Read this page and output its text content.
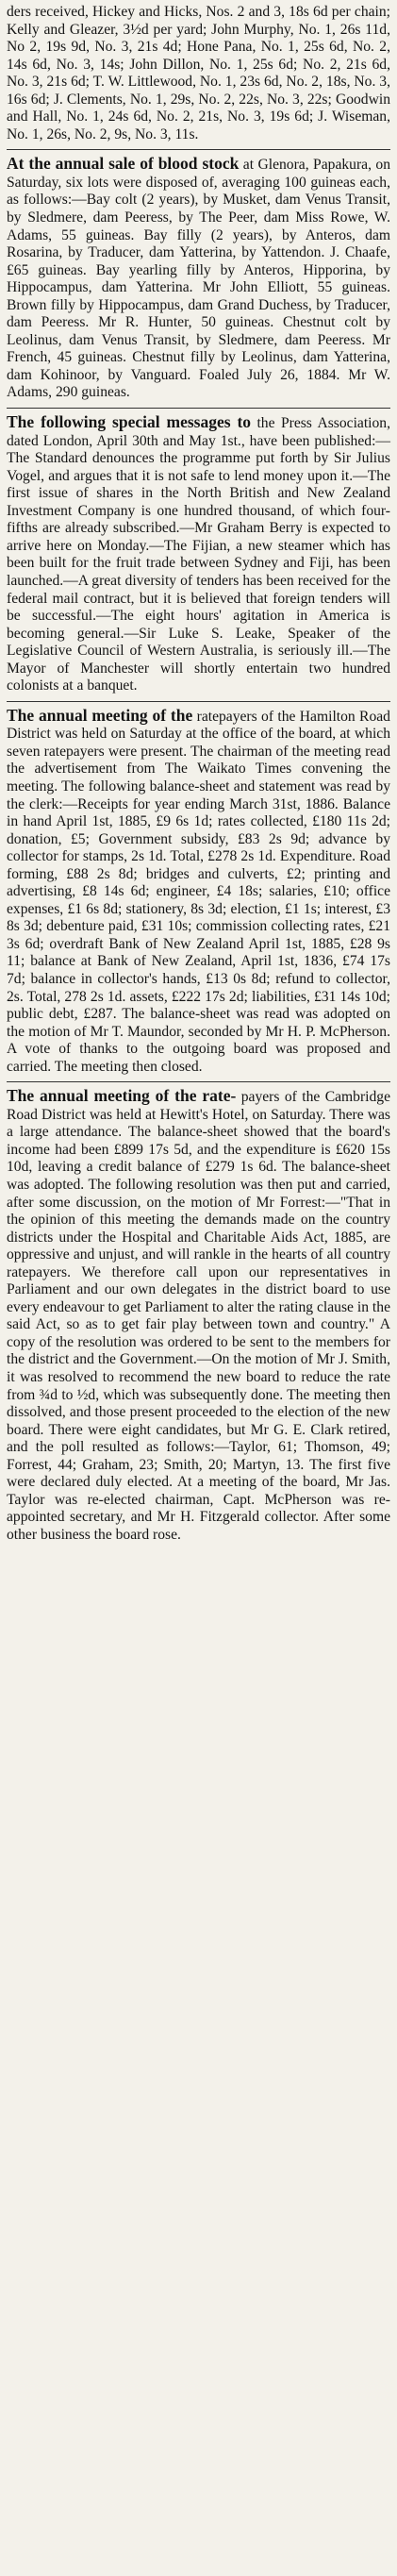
ders received, Hickey and Hicks, Nos. 2 and 3, 18s 6d per chain; Kelly and Gleazer, 3½d per yard; John Murphy, No. 1, 26s 11d, No 2, 19s 9d, No. 3, 21s 4d; Hone Pana, No. 1, 25s 6d, No. 2, 14s 6d, No. 3, 14s; John Dillon, No. 1, 25s 6d; No. 2, 21s 6d, No. 3, 21s 6d; T. W. Littlewood, No. 1, 23s 6d, No. 2, 18s, No. 3, 16s 6d; J. Clements, No. 1, 29s, No. 2, 22s, No. 3, 22s; Goodwin and Hall, No. 1, 24s 6d, No. 2, 21s, No. 3, 19s 6d; J. Wiseman, No. 1, 26s, No. 2, 9s, No. 3, 11s.

At the annual sale of blood stock at Glenora, Papakura, on Saturday, six lots were disposed of, averaging 100 guineas each, as follows:—Bay colt (2 years), by Musket, dam Venus Transit, by Sledmere, dam Peeress, by The Peer, dam Miss Rowe, W. Adams, 55 guineas. Bay filly (2 years), by Anteros, dam Rosarina, by Traducer, dam Yatterina, by Yattendon. J. Chaafe, £65 guineas. Bay yearling filly by Anteros, Hipporina, by Hippocampus, dam Yatterina. Mr John Elliott, 55 guineas. Brown filly by Hippocampus, dam Grand Duchess, by Traducer, dam Peeress. Mr R. Hunter, 50 guineas. Chestnut colt by Leolinus, dam Venus Transit, by Sledmere, dam Peeress. Mr French, 45 guineas. Chestnut filly by Leolinus, dam Yatterina, dam Kohinoor, by Vanguard. Foaled July 26, 1884. Mr W. Adams, 290 guineas.

The following special messages to the Press Association, dated London, April 30th and May 1st., have been published:—The Standard denounces the programme put forth by Sir Julius Vogel, and argues that it is not safe to lend money upon it.—The first issue of shares in the North British and New Zealand Investment Company is one hundred thousand, of which four-fifths are already subscribed.—Mr Graham Berry is expected to arrive here on Monday.—The Fijian, a new steamer which has been built for the fruit trade between Sydney and Fiji, has been launched.—A great diversity of tenders has been received for the federal mail contract, but it is believed that foreign tenders will be successful.—The eight hours' agitation in America is becoming general.—Sir Luke S. Leake, Speaker of the Legislative Council of Western Australia, is seriously ill.—The Mayor of Manchester will shortly entertain two hundred colonists at a banquet.

The annual meeting of the ratepayers of the Hamilton Road District was held on Saturday at the office of the board, at which seven ratepayers were present. The chairman of the meeting read the advertisement from The Waikato Times convening the meeting. The following balance-sheet and statement was read by the clerk:—Receipts for year ending March 31st, 1886. Balance in hand April 1st, 1885, £9 6s 1d; rates collected, £180 11s 2d; donation, £5; Government subsidy, £83 2s 9d; advance by collector for stamps, 2s 1d. Total, £278 2s 1d. Expenditure. Road forming, £88 2s 8d; bridges and culverts, £2; printing and advertising, £8 14s 6d; engineer, £4 18s; salaries, £10; office expenses, £1 6s 8d; stationery, 8s 3d; election, £1 1s; interest, £3 8s 3d; debenture paid, £31 10s; commission collecting rates, £21 3s 6d; overdraft Bank of New Zealand April 1st, 1885, £28 9s 11; balance at Bank of New Zealand, April 1st, 1836, £74 17s 7d; balance in collector's hands, £13 0s 8d; refund to collector, 2s. Total, 278 2s 1d. assets, £222 17s 2d; liabilities, £31 14s 10d; public debt, £287. The balance-sheet was read was adopted on the motion of Mr T. Maundor, seconded by Mr H. P. McPherson. A vote of thanks to the outgoing board was proposed and carried. The meeting then closed.

The annual meeting of the rate- payers of the Cambridge Road District was held at Hewitt's Hotel, on Saturday. There was a large attendance. The balance-sheet showed that the board's income had been £899 17s 5d, and the expenditure is £620 15s 10d, leaving a credit balance of £279 1s 6d. The balance-sheet was adopted. The following resolution was then put and carried, after some discussion, on the motion of Mr Forrest:—"That in the opinion of this meeting the demands made on the country districts under the Hospital and Charitable Aids Act, 1885, are oppressive and unjust, and will rankle in the hearts of all country ratepayers. We therefore call upon our representatives in Parliament and our own delegates in the district board to use every endeavour to get Parliament to alter the rating clause in the said Act, so as to get fair play between town and country." A copy of the resolution was ordered to be sent to the members for the district and the Government.—On the motion of Mr J. Smith, it was resolved to recommend the new board to reduce the rate from ¾d to ½d, which was subsequently done. The meeting then dissolved, and those present proceeded to the election of the new board. There were eight candidates, but Mr G. E. Clark retired, and the poll resulted as follows:—Taylor, 61; Thomson, 49; Forrest, 44; Graham, 23; Smith, 20; Martyn, 13. The first five were declared duly elected. At a meeting of the board, Mr Jas. Taylor was re-elected chairman, Capt. McPherson was re-appointed secretary, and Mr H. Fitzgerald collector. After some other business the board rose.
